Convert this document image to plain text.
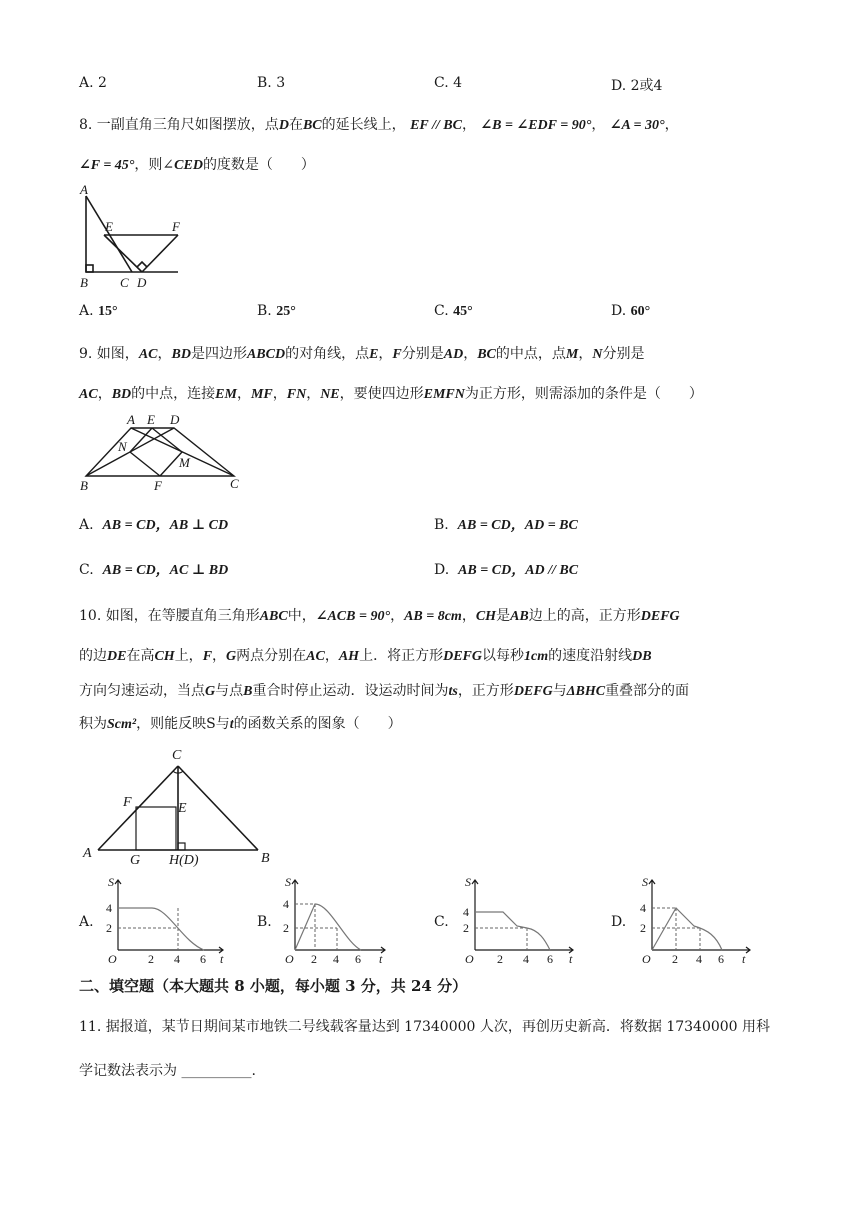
A. 2	B. 3	C. 4	D. 2或4
8. 一副直角三角尺如图摆放，点D在BC的延长线上， EF // BC， ∠B = ∠EDF = 90°， ∠A = 30°，
∠F = 45°，则∠CED的度数是（　　）
A
E	F
B C D
A. 15°	B. 25°	C. 45°	D. 60°
9. 如图，AC，BD是四边形ABCD的对角线，点E，F分别是AD，BC的中点，点M，N分别是
AC，BD的中点，连接EM，MF，FN，NE，要使四边形EMFN为正方形，则需添加的条件是（　　）
A E D
N
M
B	F	C
A. AB = CD，AB ⊥ CD	B. AB = CD，AD = BC
C. AB = CD，AC ⊥ BD	D. AB = CD，AD // BC
10. 如图，在等腰直角三角形ABC中，∠ACB = 90°，AB = 8cm，CH是AB边上的高，正方形DEFG
的边DE在高CH上，F，G两点分别在AC，AH上．将正方形DEFG以每秒1cm的速度沿射线DB
方向匀速运动，当点G与点B重合时停止运动．设运动时间为ts，正方形DEFG与ΔBHC重叠部分的面
积为Scm²，则能反映S与t的函数关系的图象（　　）
C
F	E
A	G H(D)	B
A.	B.	C.	D.
S
4
2
O	2 4 6 t
S
4
2
O 2 4 6 t
S
4
2
O 2 4 6 t
S
4
2
O 2 4 6 t
二、填空题（本大题共 8 小题，每小题 3 分，共 24 分）
11. 据报道，某节日期间某市地铁二号线载客量达到 17340000 人次，再创历史新高．将数据 17340000 用科
学记数法表示为 __________.
